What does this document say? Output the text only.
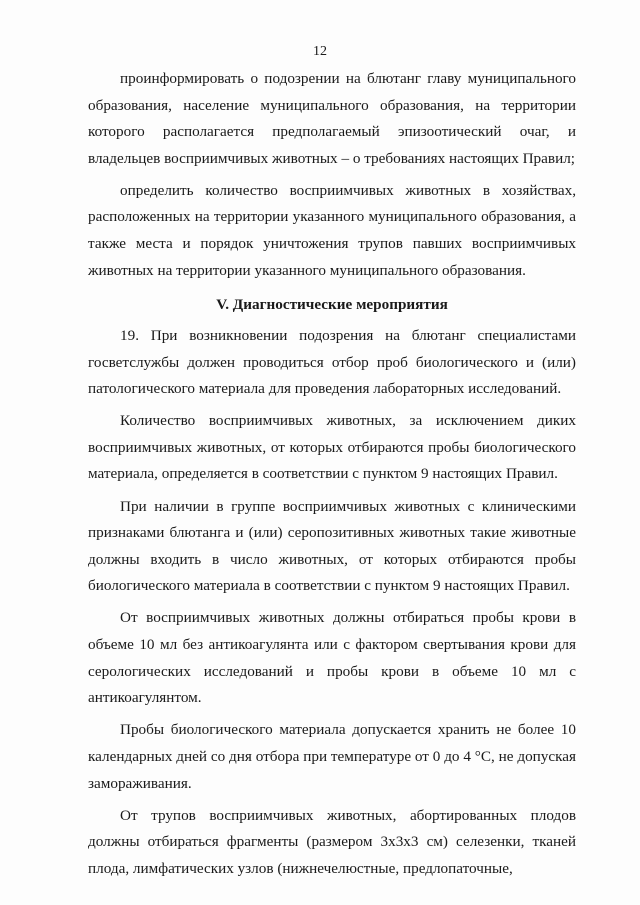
12

проинформировать о подозрении на блютанг главу муниципального образования, население муниципального образования, на территории которого располагается предполагаемый эпизоотический очаг, и владельцев восприимчивых животных – о требованиях настоящих Правил;

определить количество восприимчивых животных в хозяйствах, расположенных на территории указанного муниципального образования, а также места и порядок уничтожения трупов павших восприимчивых животных на территории указанного муниципального образования.

V. Диагностические мероприятия

19. При возникновении подозрения на блютанг специалистами госветслужбы должен проводиться отбор проб биологического и (или) патологического материала для проведения лабораторных исследований.

Количество восприимчивых животных, за исключением диких восприимчивых животных, от которых отбираются пробы биологического материала, определяется в соответствии с пунктом 9 настоящих Правил.

При наличии в группе восприимчивых животных с клиническими признаками блютанга и (или) серопозитивных животных такие животные должны входить в число животных, от которых отбираются пробы биологического материала в соответствии с пунктом 9 настоящих Правил.

От восприимчивых животных должны отбираться пробы крови в объеме 10 мл без антикоагулянта или с фактором свертывания крови для серологических исследований и пробы крови в объеме 10 мл с антикоагулянтом.

Пробы биологического материала допускается хранить не более 10 календарных дней со дня отбора при температуре от 0 до 4 °С, не допуская замораживания.

От трупов восприимчивых животных, абортированных плодов должны отбираться фрагменты (размером 3х3х3 см) селезенки, тканей плода, лимфатических узлов (нижнечелюстные, предлопаточные,
